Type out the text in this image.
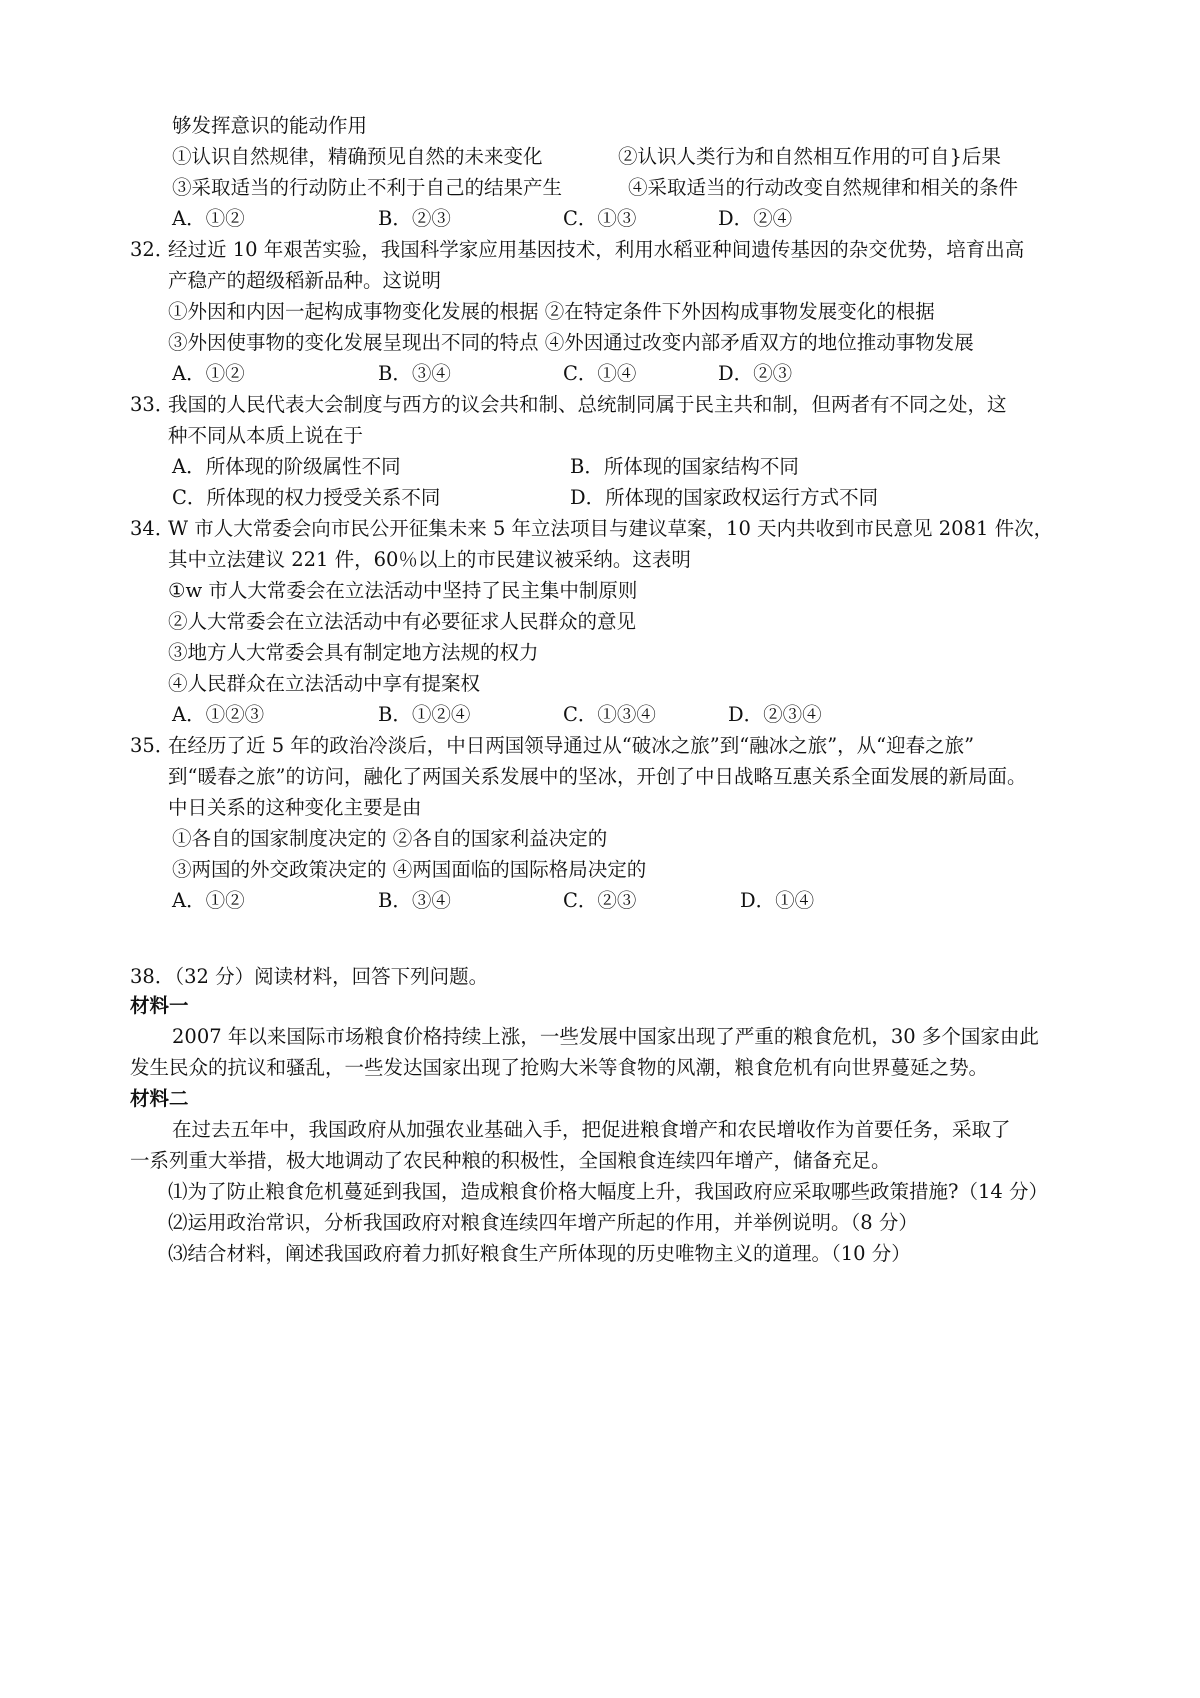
够发挥意识的能动作用
①认识自然规律，精确预见自然的未来变化	②认识人类行为和自然相互作用的可自}后果
③采取适当的行动防止不利于自己的结果产生	④采取适当的行动改变自然规律和相关的条件
A．①②	B．②③	C．①③	D．②④
32．经过近 10 年艰苦实验，我国科学家应用基因技术，利用水稻亚种间遗传基因的杂交优势，培育出高
产稳产的超级稻新品种。这说明
①外因和内因一起构成事物变化发展的根据 ②在特定条件下外因构成事物发展变化的根据
③外因使事物的变化发展呈现出不同的特点 ④外因通过改变内部矛盾双方的地位推动事物发展
A．①②	B．③④	C．①④	D．②③
33．我国的人民代表大会制度与西方的议会共和制、总统制同属于民主共和制，但两者有不同之处，这
种不同从本质上说在于
A．所体现的阶级属性不同	B．所体现的国家结构不同
C．所体现的权力授受关系不同	D．所体现的国家政权运行方式不同
34．W 市人大常委会向市民公开征集未来 5 年立法项目与建议草案，10 天内共收到市民意见 2081 件次，
其中立法建议 221 件，60％以上的市民建议被采纳。这表明
①w 市人大常委会在立法活动中坚持了民主集中制原则
②人大常委会在立法活动中有必要征求人民群众的意见
③地方人大常委会具有制定地方法规的权力
④人民群众在立法活动中享有提案权
A．①②③	B．①②④	C．①③④	D．②③④
35．在经历了近 5 年的政治冷淡后，中日两国领导通过从“破冰之旅”到“融冰之旅”，从“迎春之旅”
到“暖春之旅”的访问，融化了两国关系发展中的坚冰，开创了中日战略互惠关系全面发展的新局面。
中日关系的这种变化主要是由
①各自的国家制度决定的 ②各自的国家利益决定的
③两国的外交政策决定的 ④两国面临的国际格局决定的
A．①②	B．③④	C．②③	D．①④
38．（32 分）阅读材料，回答下列问题。
材料一
2007 年以来国际市场粮食价格持续上涨，一些发展中国家出现了严重的粮食危机，30 多个国家由此
发生民众的抗议和骚乱，一些发达国家出现了抢购大米等食物的风潮，粮食危机有向世界蔓延之势。
材料二
在过去五年中，我国政府从加强农业基础入手，把促进粮食增产和农民增收作为首要任务，采取了
一系列重大举措，极大地调动了农民种粮的积极性，全国粮食连续四年增产，储备充足。
⑴为了防止粮食危机蔓延到我国，造成粮食价格大幅度上升，我国政府应采取哪些政策措施?（14 分）
⑵运用政治常识，分析我国政府对粮食连续四年增产所起的作用，并举例说明。（8 分）
⑶结合材料，阐述我国政府着力抓好粮食生产所体现的历史唯物主义的道理。（10 分）
